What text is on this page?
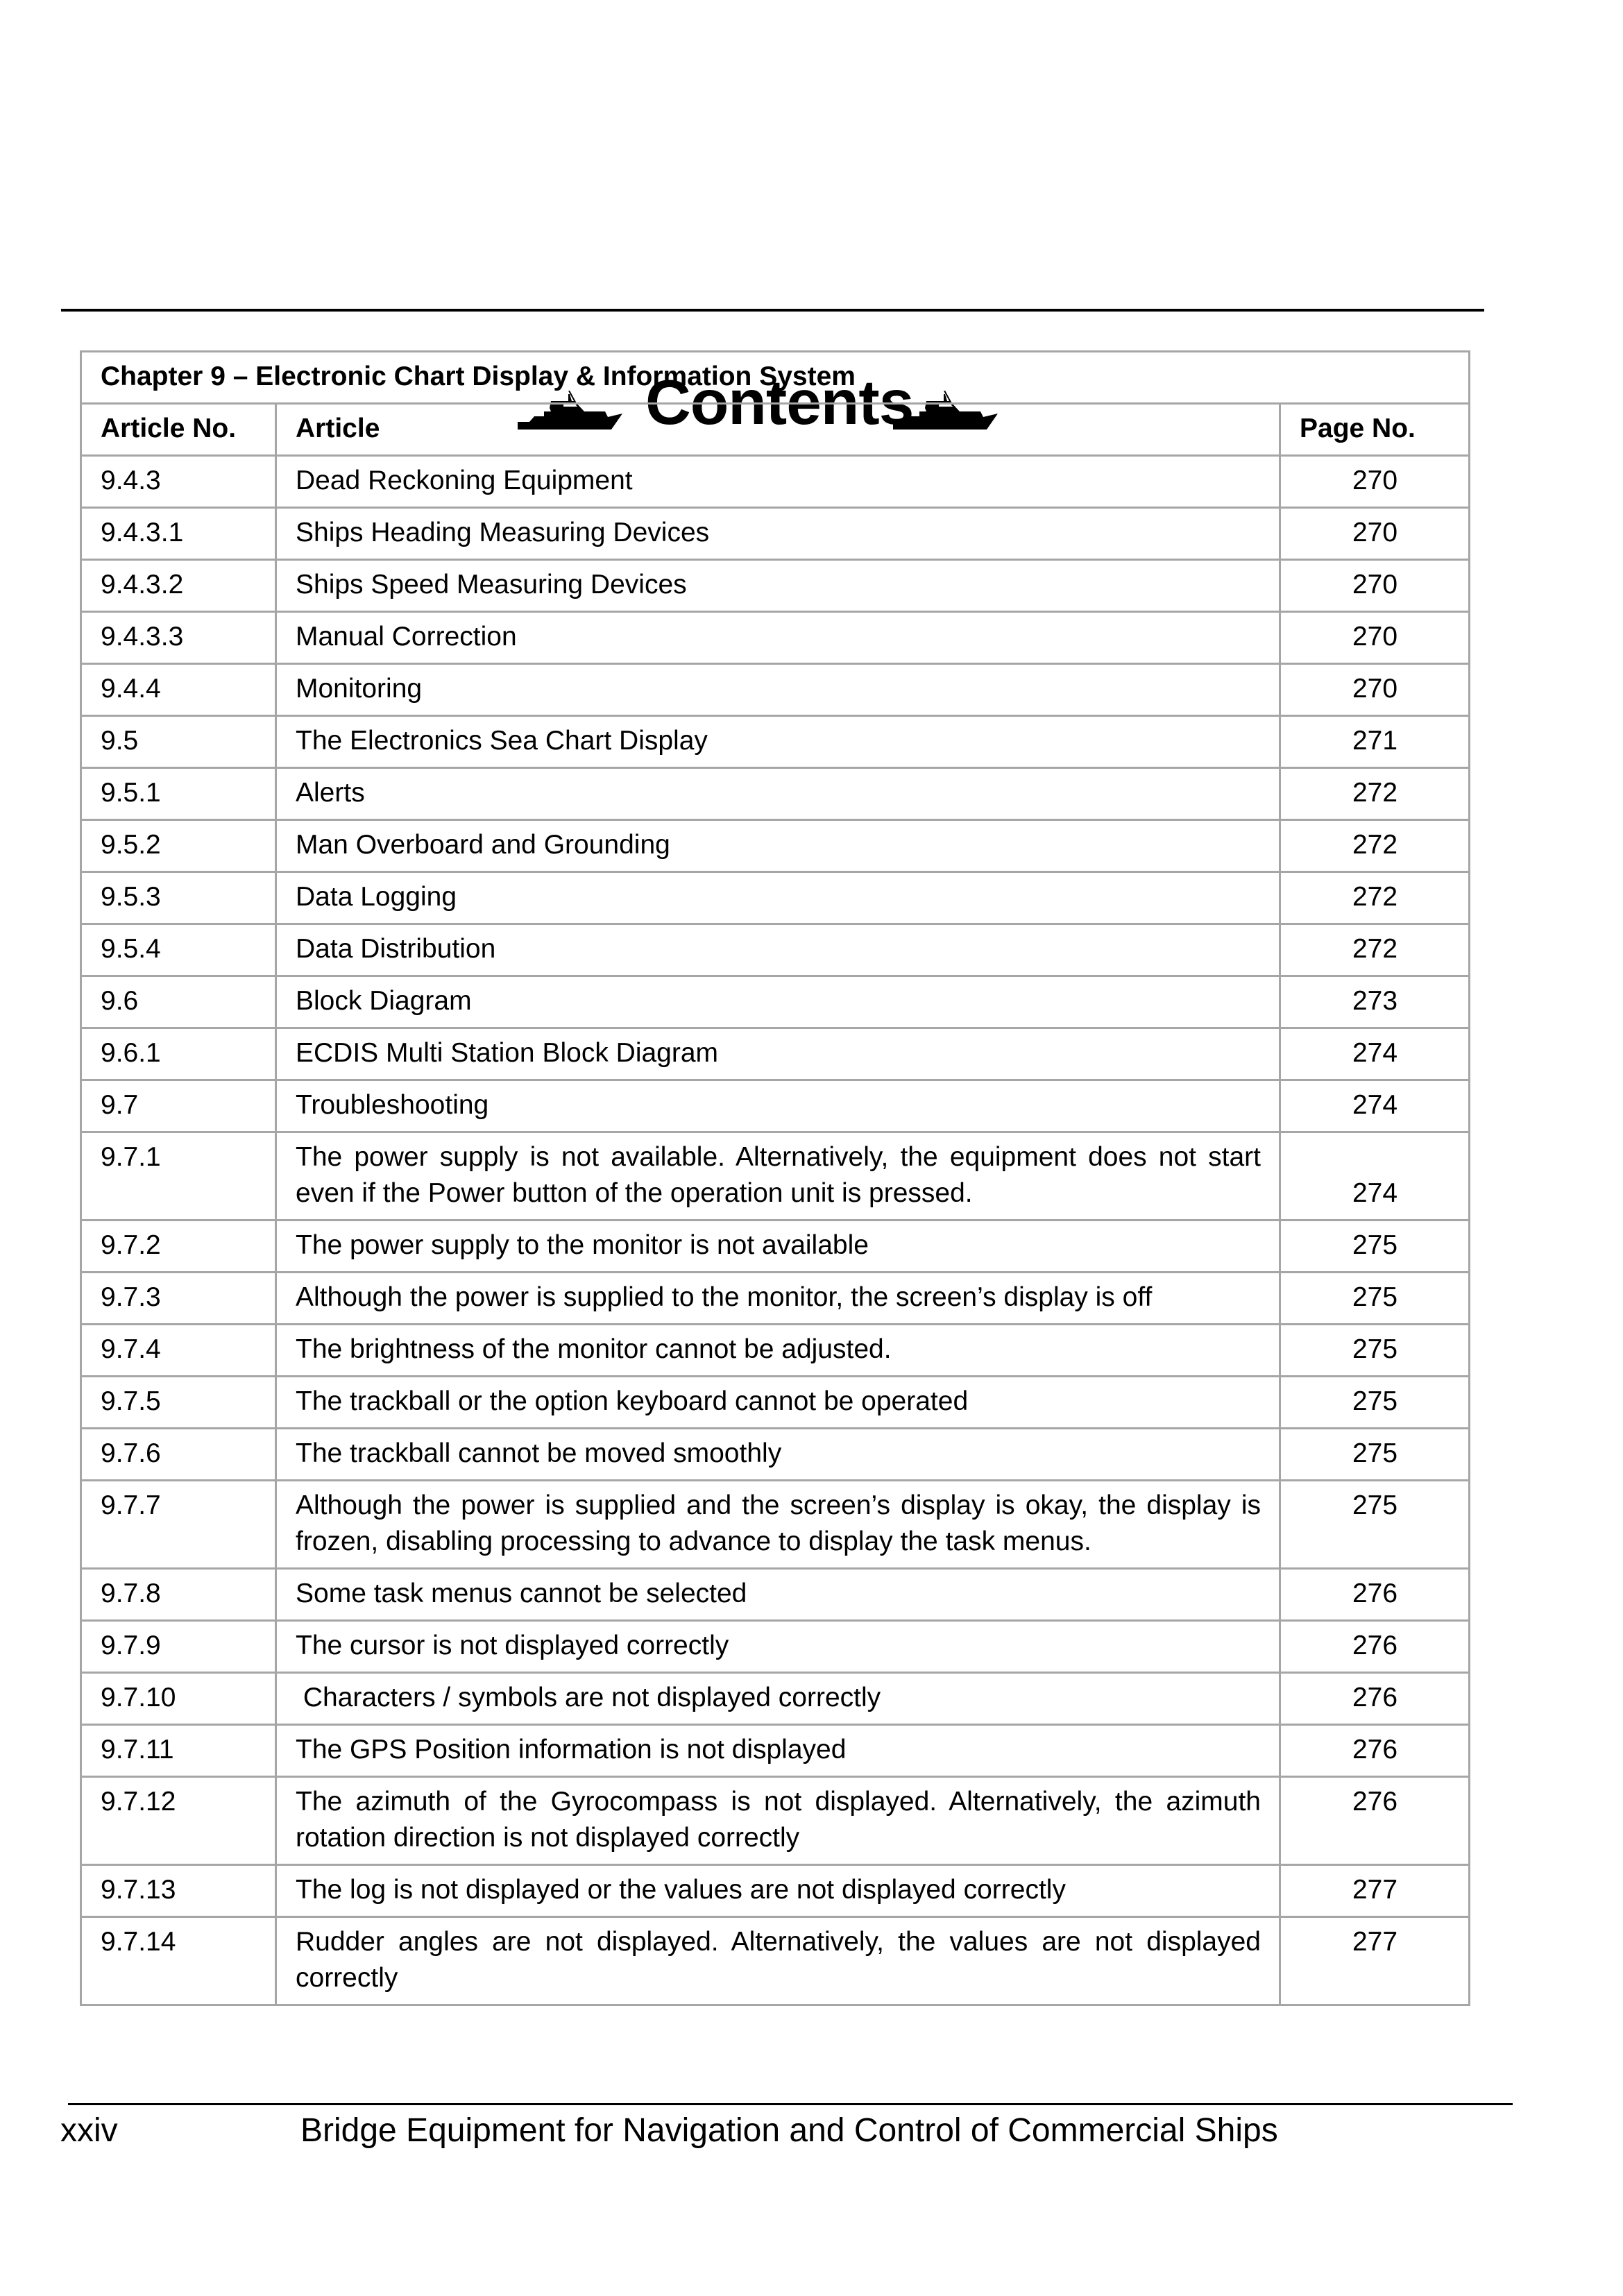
Contents
Chapter 9 – Electronic Chart Display & Information System		
Article No.	Article	Page No.
9.4.3	Dead Reckoning Equipment	270
9.4.3.1	Ships Heading Measuring Devices	270
9.4.3.2	Ships Speed Measuring Devices	270
9.4.3.3	Manual Correction	270
9.4.4	Monitoring	270
9.5	The Electronics Sea Chart Display	271
9.5.1	Alerts	272
9.5.2	Man Overboard and Grounding	272
9.5.3	Data Logging	272
9.5.4	Data Distribution	272
9.6	Block Diagram	273
9.6.1	ECDIS Multi Station Block Diagram	274
9.7	Troubleshooting	274
9.7.1	The power supply is not available. Alternatively, the equipment does not start even if the Power button of the operation unit is pressed.	274
9.7.2	The power supply to the monitor is not available	275
9.7.3	Although the power is supplied to the monitor, the screen’s display is off	275
9.7.4	The brightness of the monitor cannot be adjusted.	275
9.7.5	The trackball or the option keyboard cannot be operated	275
9.7.6	The trackball cannot be moved smoothly	275
9.7.7	Although the power is supplied and the screen’s display is okay, the display is frozen, disabling processing to advance to display the task menus.	275
9.7.8	Some task menus cannot be selected	276
9.7.9	The cursor is not displayed correctly	276
9.7.10	Characters / symbols are not displayed correctly	276
9.7.11	The GPS Position information is not displayed	276
9.7.12	The azimuth of the Gyrocompass is not displayed. Alternatively, the azimuth rotation direction is not displayed correctly	276
9.7.13	The log is not displayed or the values are not displayed correctly	277
9.7.14	Rudder angles are not displayed. Alternatively, the values are not displayed correctly	277
xxiv	Bridge Equipment for Navigation and Control of Commercial Ships
